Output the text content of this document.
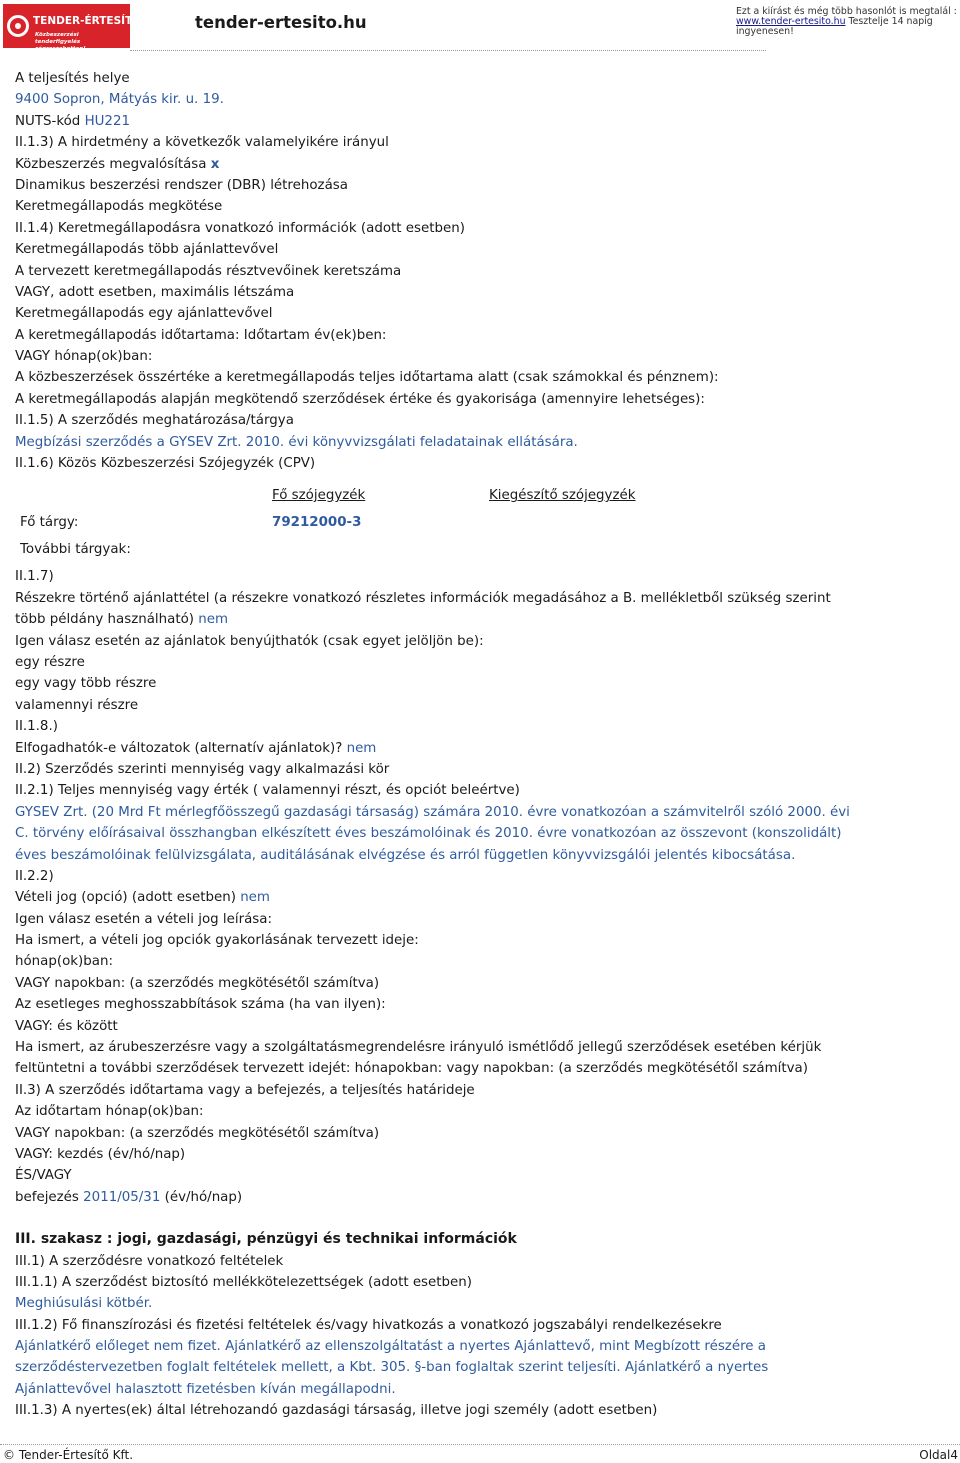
TENDER-ÉRTESÍTŐ.hu
Közbeszerzési tenderfigyelés cégreszabottan!
tender-ertesito.hu
Ezt a kiírást és még több hasonlót is megtalál :
www.tender-ertesito.hu Tesztelje 14 napig ingyenesen!
A teljesítés helye
9400 Sopron, Mátyás kir. u. 19.
NUTS-kód HU221
II.1.3) A hirdetmény a következők valamelyikére irányul
Közbeszerzés megvalósítása x
Dinamikus beszerzési rendszer (DBR) létrehozása
Keretmegállapodás megkötése
II.1.4) Keretmegállapodásra vonatkozó információk (adott esetben)
Keretmegállapodás több ajánlattevővel
A tervezett keretmegállapodás résztvevőinek keretszáma
VAGY, adott esetben, maximális létszáma
Keretmegállapodás egy ajánlattevővel
A keretmegállapodás időtartama: Időtartam év(ek)ben:
VAGY hónap(ok)ban:
A közbeszerzések összértéke a keretmegállapodás teljes időtartama alatt (csak számokkal és pénznem):
A keretmegállapodás alapján megkötendő szerződések értéke és gyakorisága (amennyire lehetséges):
II.1.5) A szerződés meghatározása/tárgya
Megbízási szerződés a GYSEV Zrt. 2010. évi könyvvizsgálati feladatainak ellátására.
II.1.6) Közös Közbeszerzési Szójegyzék (CPV)
Fő szójegyzék	Kiegészítő szójegyzék
Fő tárgy:	79212000-3
További tárgyak:
II.1.7)
Részekre történő ajánlattétel (a részekre vonatkozó részletes információk megadásához a B. mellékletből szükség szerint
több példány használható) nem
Igen válasz esetén az ajánlatok benyújthatók (csak egyet jelöljön be):
egy részre
egy vagy több részre
valamennyi részre
II.1.8.)
Elfogadhatók-e változatok (alternatív ajánlatok)? nem
II.2) Szerződés szerinti mennyiség vagy alkalmazási kör
II.2.1) Teljes mennyiség vagy érték ( valamennyi részt, és opciót beleértve)
GYSEV Zrt. (20 Mrd Ft mérlegfőösszegű gazdasági társaság) számára 2010. évre vonatkozóan a számvitelről szóló 2000. évi
C. törvény előírásaival összhangban elkészített éves beszámolóinak és 2010. évre vonatkozóan az összevont (konszolidált)
éves beszámolóinak felülvizsgálata, auditálásának elvégzése és arról független könyvvizsgálói jelentés kibocsátása.
II.2.2)
Vételi jog (opció) (adott esetben) nem
Igen válasz esetén a vételi jog leírása:
Ha ismert, a vételi jog opciók gyakorlásának tervezett ideje:
hónap(ok)ban:
VAGY napokban: (a szerződés megkötésétől számítva)
Az esetleges meghosszabbítások száma (ha van ilyen):
VAGY: és között
Ha ismert, az árubeszerzésre vagy a szolgáltatásmegrendelésre irányuló ismétlődő jellegű szerződések esetében kérjük
feltüntetni a további szerződések tervezett idejét: hónapokban: vagy napokban: (a szerződés megkötésétől számítva)
II.3) A szerződés időtartama vagy a befejezés, a teljesítés határideje
Az időtartam hónap(ok)ban:
VAGY napokban: (a szerződés megkötésétől számítva)
VAGY: kezdés (év/hó/nap)
ÉS/VAGY
befejezés 2011/05/31 (év/hó/nap)
III. szakasz : jogi, gazdasági, pénzügyi és technikai információk
III.1) A szerződésre vonatkozó feltételek
III.1.1) A szerződést biztosító mellékkötelezettségek (adott esetben)
Meghiúsulási kötbér.
III.1.2) Fő finanszírozási és fizetési feltételek és/vagy hivatkozás a vonatkozó jogszabályi rendelkezésekre
Ajánlatkérő előleget nem fizet. Ajánlatkérő az ellenszolgáltatást a nyertes Ajánlattevő, mint Megbízott részére a
szerződéstervezetben foglalt feltételek mellett, a Kbt. 305. §-ban foglaltak szerint teljesíti. Ajánlatkérő a nyertes
Ajánlattevővel halasztott fizetésben kíván megállapodni.
III.1.3) A nyertes(ek) által létrehozandó gazdasági társaság, illetve jogi személy (adott esetben)
© Tender-Értesítő Kft.	Oldal4
